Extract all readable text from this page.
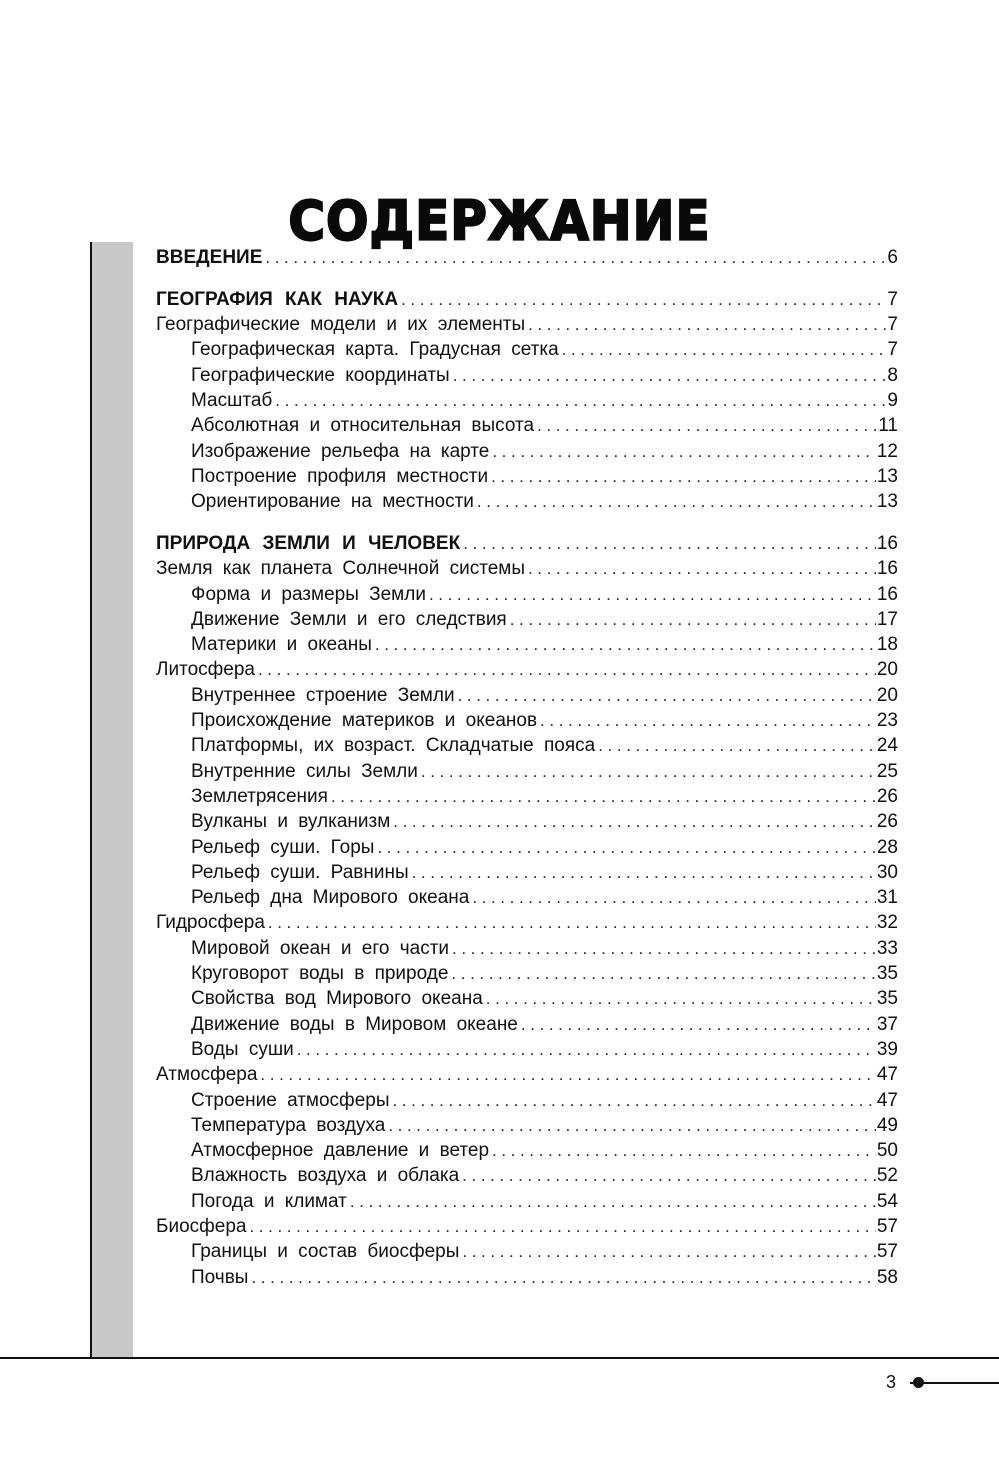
СОДЕРЖАНИЕ
ВВЕДЕНИЕ .....	6
ГЕОГРАФИЯ КАК НАУКА .....	7
Географические модели и их элементы .....	7
Географическая карта. Градусная сетка .....	7
Географические координаты .....	8
Масштаб .....	9
Абсолютная и относительная высота .....	11
Изображение рельефа на карте .....	12
Построение профиля местности .....	13
Ориентирование на местности .....	13
ПРИРОДА ЗЕМЛИ И ЧЕЛОВЕК .....	16
Земля как планета Солнечной системы .....	16
Форма и размеры Земли .....	16
Движение Земли и его следствия .....	17
Материки и океаны .....	18
Литосфера .....	20
Внутреннее строение Земли .....	20
Происхождение материков и океанов .....	23
Платформы, их возраст. Складчатые пояса .....	24
Внутренние силы Земли .....	25
Землетрясения .....	26
Вулканы и вулканизм .....	26
Рельеф суши. Горы .....	28
Рельеф суши. Равнины .....	30
Рельеф дна Мирового океана .....	31
Гидросфера .....	32
Мировой океан и его части .....	33
Круговорот воды в природе .....	35
Свойства вод Мирового океана .....	35
Движение воды в Мировом океане .....	37
Воды суши .....	39
Атмосфера .....	47
Строение атмосферы .....	47
Температура воздуха .....	49
Атмосферное давление и ветер .....	50
Влажность воздуха и облака .....	52
Погода и климат .....	54
Биосфера .....	57
Границы и состав биосферы .....	57
Почвы .....	58
3
